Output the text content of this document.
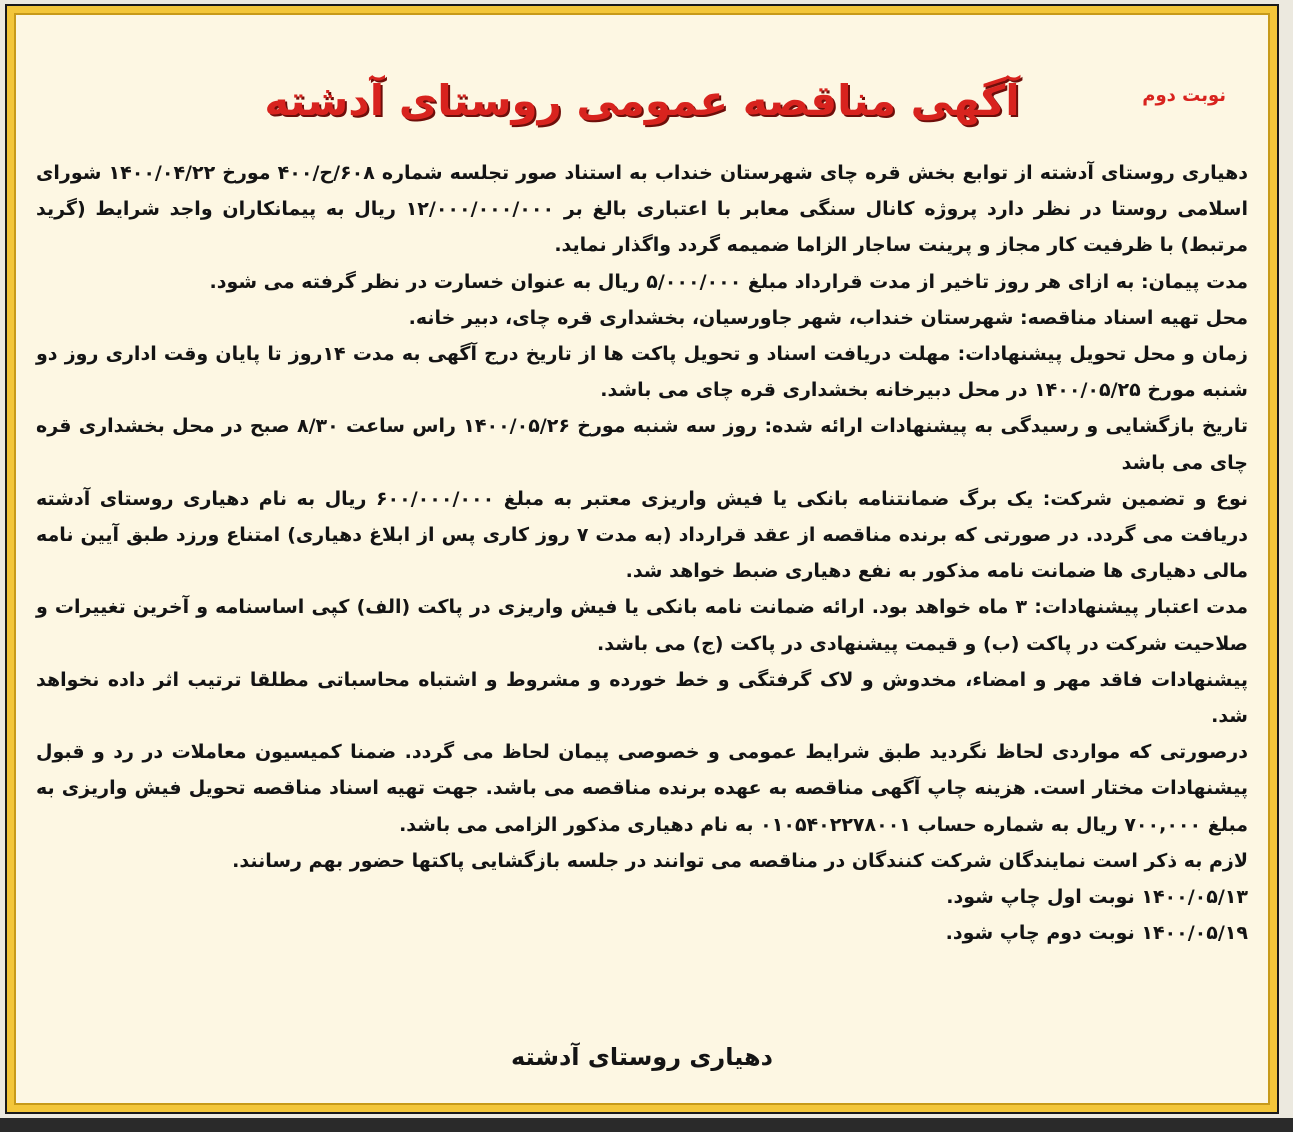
آگهی مناقصه عمومی روستای آدشته	نوبت دوم

دهیاری روستای آدشته از توابع بخش قره چای شهرستان خنداب به استناد صور تجلسه شماره ۶۰۸/ح/۴۰۰ مورخ ۱۴۰۰/۰۴/۲۲ شورای اسلامی روستا در نظر دارد پروژه کانال سنگی معابر با اعتباری بالغ بر ۱۲/۰۰۰/۰۰۰/۰۰۰ ریال به پیمانکاران واجد شرایط (گرید مرتبط) با ظرفیت کار مجاز و پرینت ساجار الزاما ضمیمه گردد واگذار نماید.

مدت پیمان: به ازای هر روز تاخیر از مدت قرارداد مبلغ ۵/۰۰۰/۰۰۰ ریال به عنوان خسارت در نظر گرفته می شود.

محل تهیه اسناد مناقصه: شهرستان خنداب، شهر جاورسیان، بخشداری قره چای، دبیر خانه.

زمان و محل تحویل پیشنهادات: مهلت دریافت اسناد و تحویل پاکت ها از تاریخ درج آگهی به مدت ۱۴روز تا پایان وقت اداری روز دو شنبه مورخ ۱۴۰۰/۰۵/۲۵ در محل دبیرخانه بخشداری قره چای می باشد.

تاریخ بازگشایی و رسیدگی به پیشنهادات ارائه شده: روز سه شنبه مورخ ۱۴۰۰/۰۵/۲۶ راس ساعت ۸/۳۰ صبح در محل بخشداری قره چای می باشد

نوع و تضمین شرکت: یک برگ ضمانتنامه بانکی یا فیش واریزی معتبر به مبلغ ۶۰۰/۰۰۰/۰۰۰ ریال به نام دهیاری روستای آدشته دریافت می گردد. در صورتی که برنده مناقصه از عقد قرارداد (به مدت ۷ روز کاری پس از ابلاغ دهیاری) امتناع ورزد طبق آیین نامه مالی دهیاری ها ضمانت نامه مذکور به نفع دهیاری ضبط خواهد شد.

مدت اعتبار پیشنهادات: ۳ ماه خواهد بود. ارائه ضمانت نامه بانکی یا فیش واریزی در پاکت (الف) کپی اساسنامه و آخرین تغییرات و صلاحیت شرکت در پاکت (ب) و قیمت پیشنهادی در پاکت (ج) می باشد.

پیشنهادات فاقد مهر و امضاء، مخدوش و لاک گرفتگی و خط خورده و مشروط و اشتباه محاسباتی مطلقا ترتیب اثر داده نخواهد شد.

درصورتی که مواردی لحاظ نگردید طبق شرایط عمومی و خصوصی پیمان لحاظ می گردد. ضمنا کمیسیون معاملات در رد و قبول پیشنهادات مختار است. هزینه چاپ آگهی مناقصه به عهده برنده مناقصه می باشد. جهت تهیه اسناد مناقصه تحویل فیش واریزی به مبلغ ۷۰۰,۰۰۰ ریال به شماره حساب ۰۱۰۵۴۰۲۲۷۸۰۰۱ به نام دهیاری مذکور الزامی می باشد.

لازم به ذکر است نمایندگان شرکت کنندگان در مناقصه می توانند در جلسه بازگشایی پاکتها حضور بهم رسانند.

۱۴۰۰/۰۵/۱۳ نوبت اول چاپ شود.

۱۴۰۰/۰۵/۱۹ نوبت دوم چاپ شود.

دهیاری روستای آدشته
